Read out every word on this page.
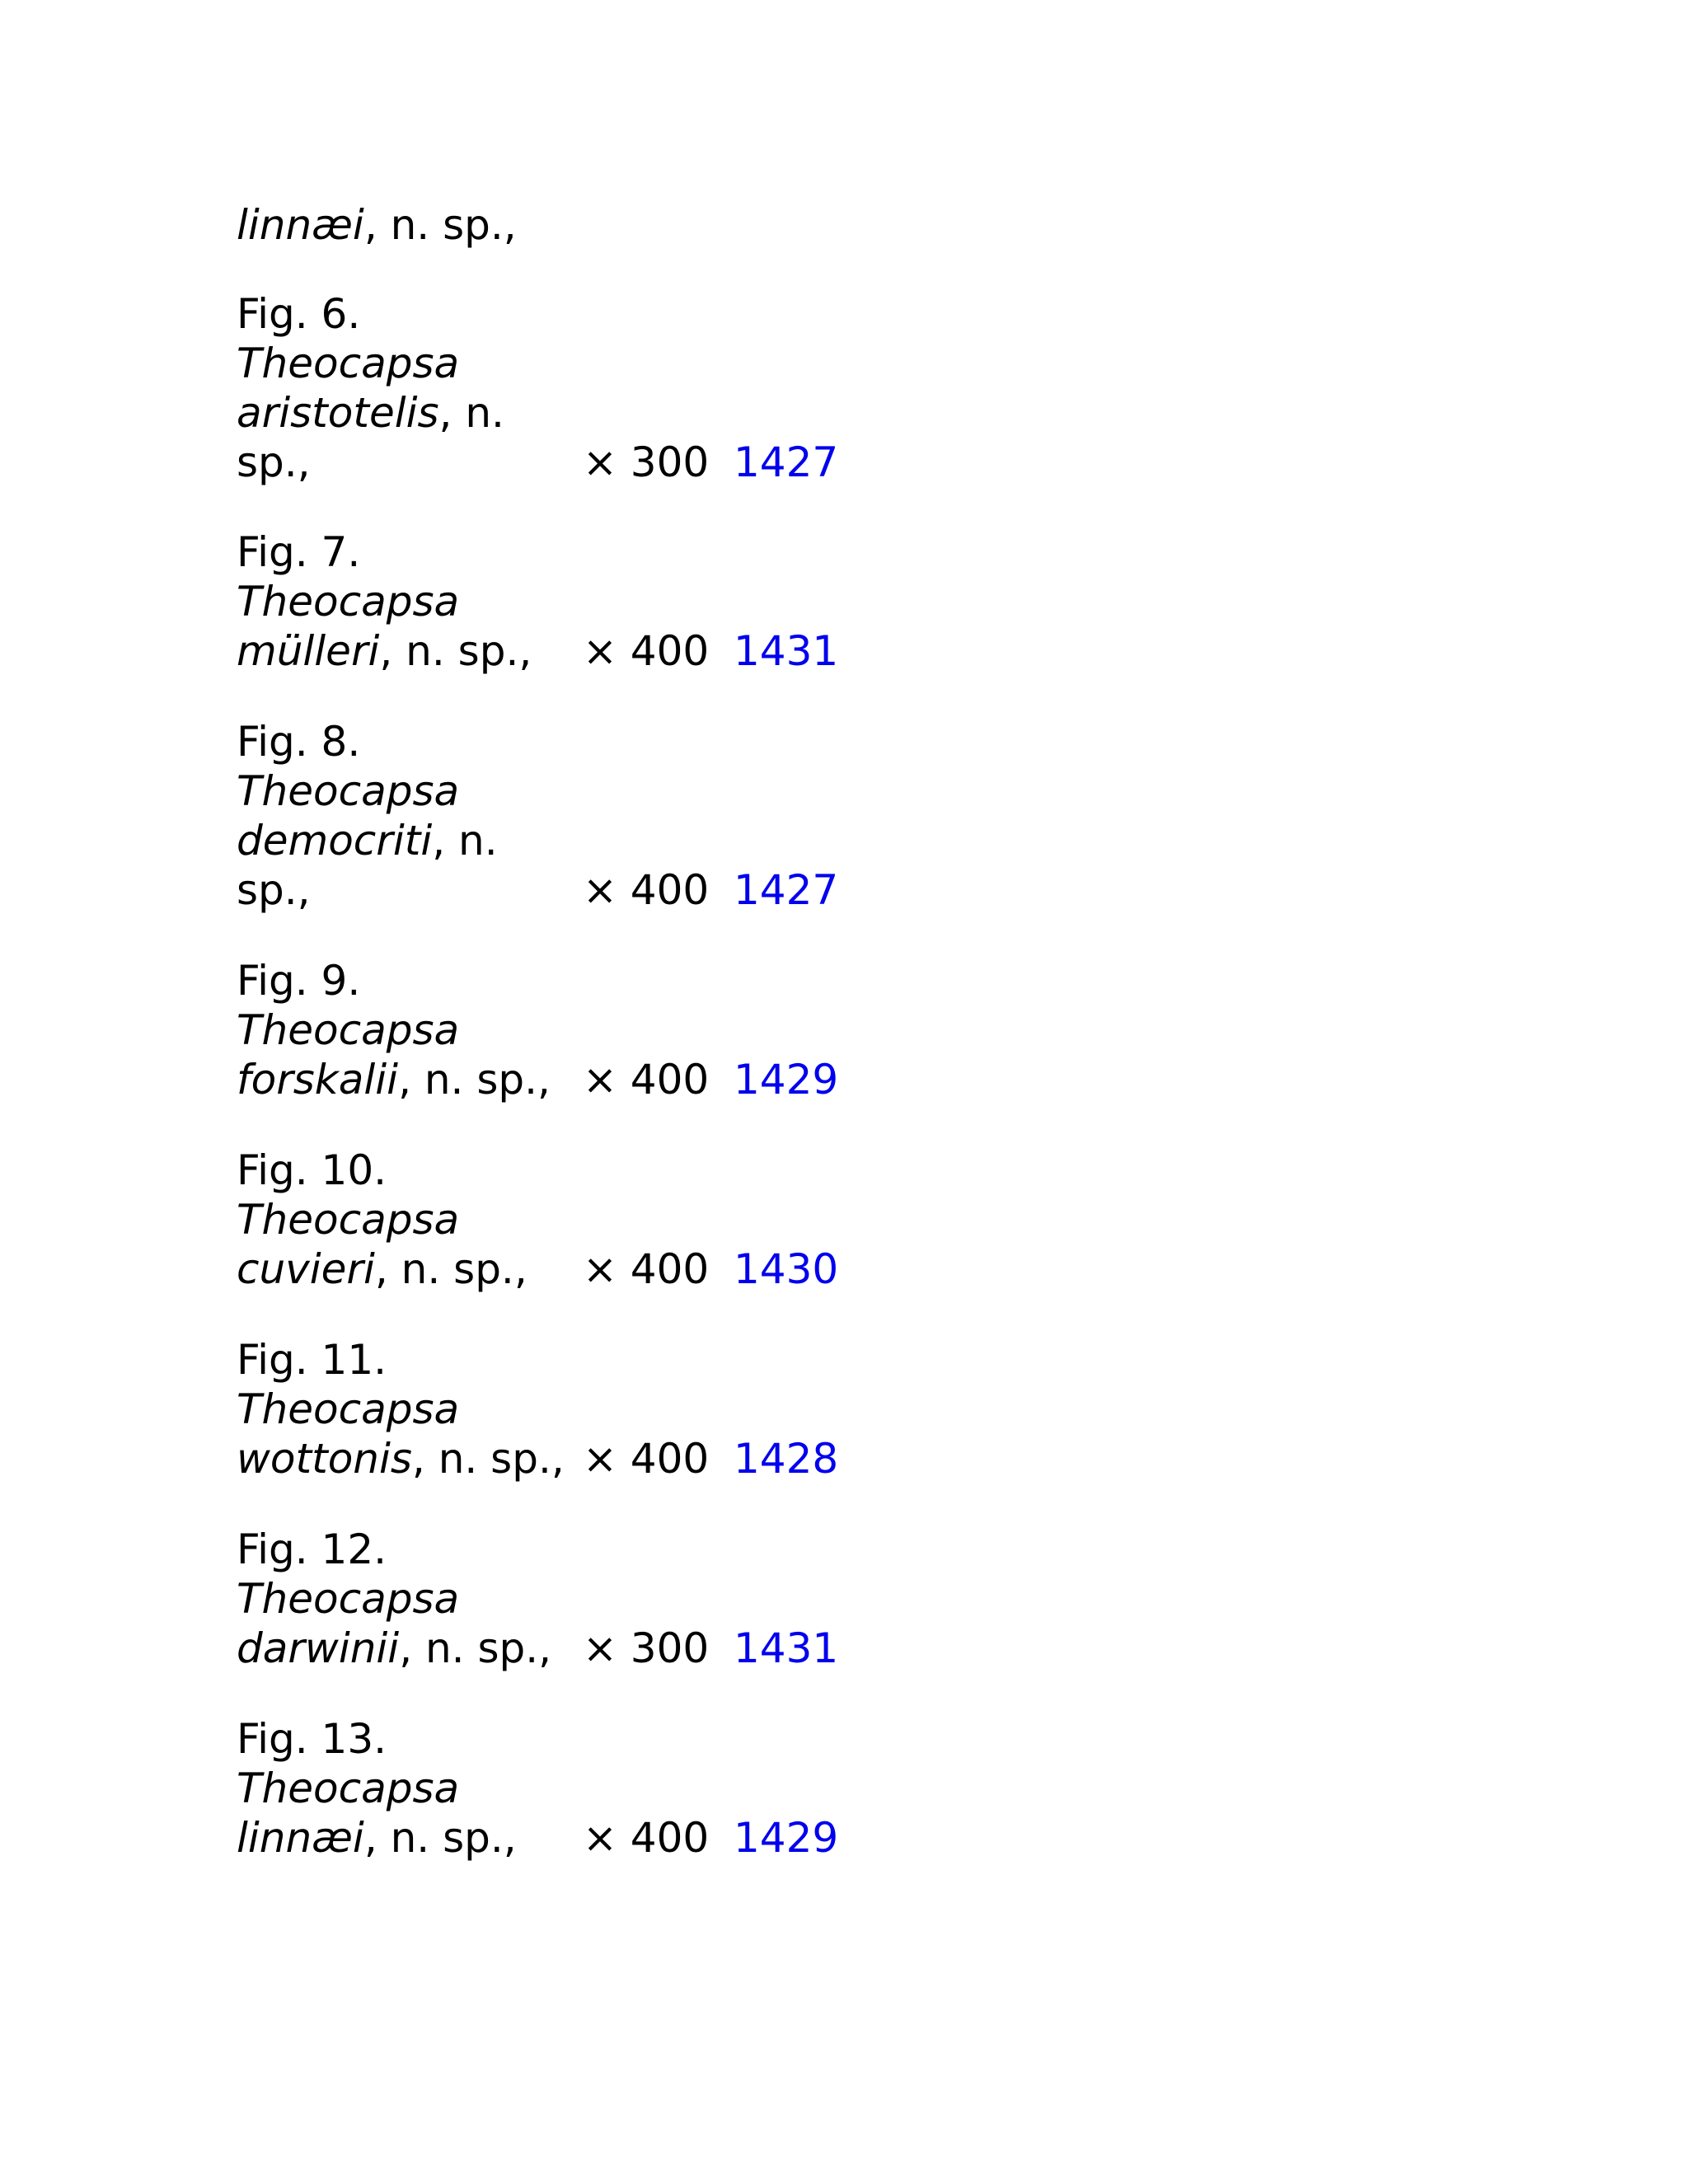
linnæi, n. sp.,
Fig. 6.
Theocapsa
aristotelis, n.
sp.,	× 300 1427
Fig. 7.
Theocapsa
mülleri, n. sp., × 400 1431
Fig. 8.
Theocapsa
democriti, n.
sp.,	× 400 1427
Fig. 9.
Theocapsa
forskalii, n. sp., × 400 1429
Fig. 10.
Theocapsa
cuvieri, n. sp., × 400 1430
Fig. 11.
Theocapsa
wottonis, n. sp., × 400 1428
Fig. 12.
Theocapsa
darwinii, n. sp., × 300 1431
Fig. 13.
Theocapsa
linnæi, n. sp., × 400 1429
